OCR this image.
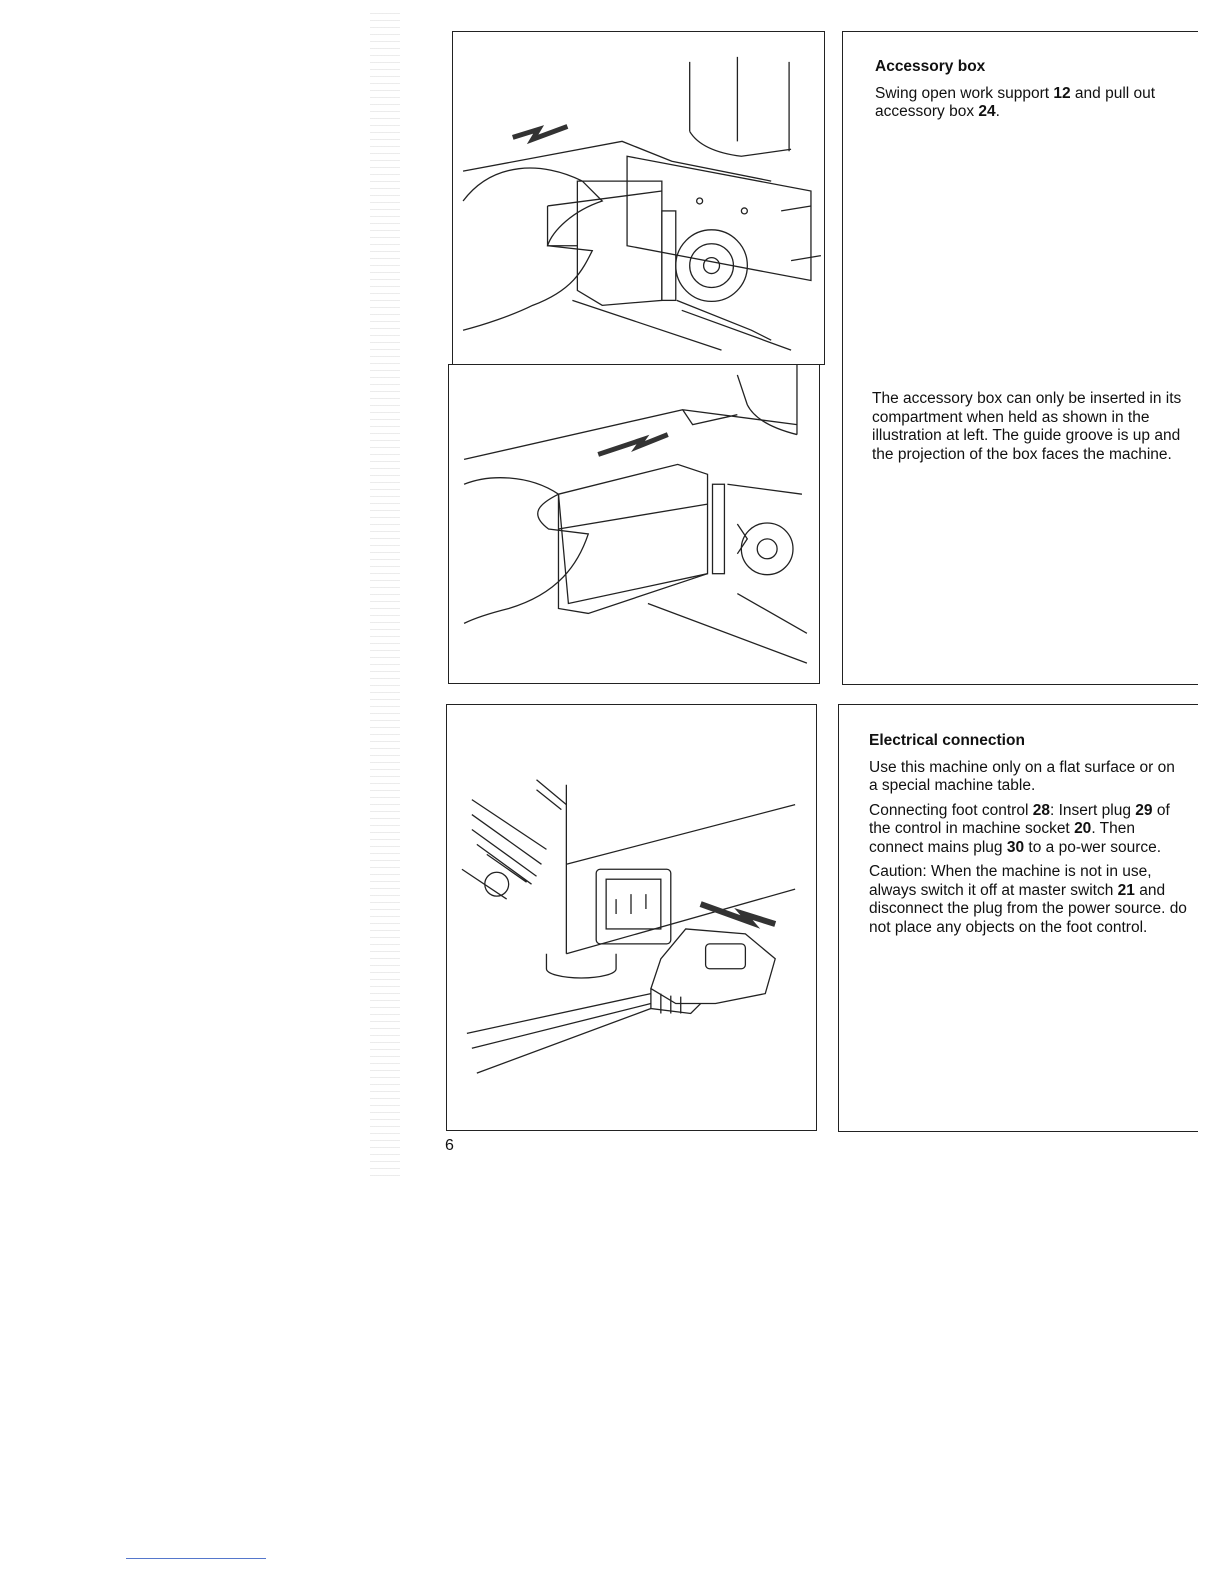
Accessory box

Swing open work support 12 and pull out accessory box 24.

The accessory box can only be inserted in its compartment when held as shown in the illustration at left. The guide groove is up and the projection of the box faces the machine.

Electrical connection

Use this machine only on a flat surface or on a special machine table.

Connecting foot control 28: Insert plug 29 of the control in machine socket 20. Then connect mains plug 30 to a po-wer source.

Caution: When the machine is not in use, always switch it off at master switch 21 and disconnect the plug from the power source. do not place any objects on the foot control.

6
